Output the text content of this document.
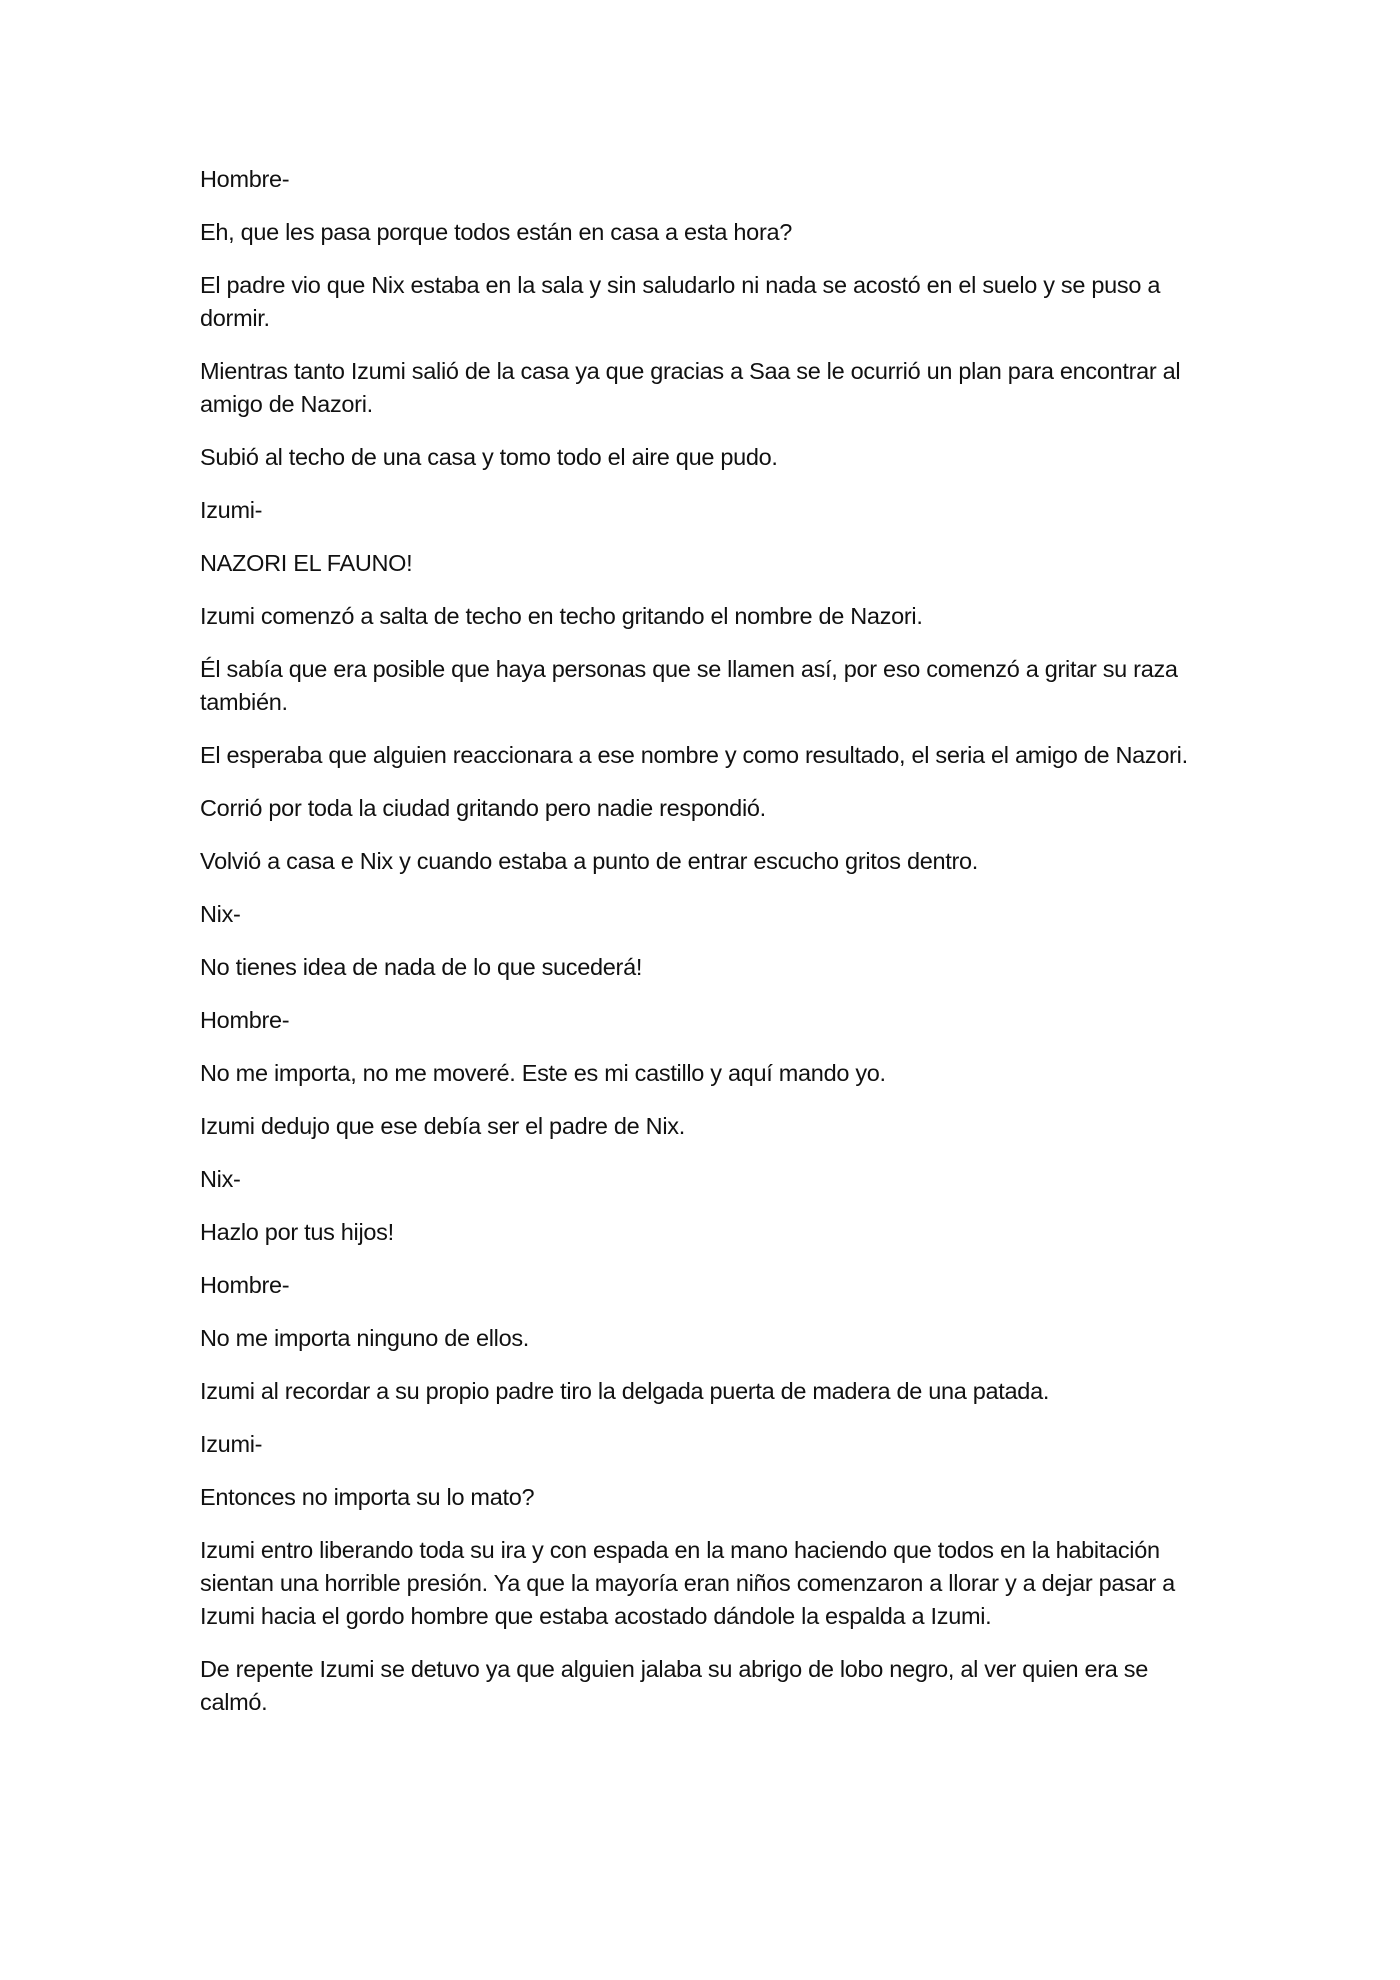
Hombre-

Eh, que les pasa porque todos están en casa a esta hora?

El padre vio que Nix estaba en la sala y sin saludarlo ni nada se acostó en el suelo y se puso a dormir.

Mientras tanto Izumi salió de la casa ya que gracias a Saa se le ocurrió un plan para encontrar al amigo de Nazori.

Subió al techo de una casa y tomo todo el aire que pudo.

Izumi-

NAZORI EL FAUNO!

Izumi comenzó a salta de techo en techo gritando el nombre de Nazori.

Él sabía que era posible que haya personas que se llamen así, por eso comenzó a gritar su raza también.

El esperaba que alguien reaccionara a ese nombre y como resultado, el seria el amigo de Nazori.

Corrió por toda la ciudad gritando pero nadie respondió.

Volvió a casa e Nix y cuando estaba a punto de entrar escucho gritos dentro.

Nix-

No tienes idea de nada de lo que sucederá!

Hombre-

No me importa, no me moveré. Este es mi castillo y aquí mando yo.

Izumi dedujo que ese debía ser el padre de Nix.

Nix-

Hazlo por tus hijos!

Hombre-

No me importa ninguno de ellos.

Izumi al recordar a su propio padre tiro la delgada puerta de madera de una patada.

Izumi-

Entonces no importa su lo mato?

Izumi entro liberando toda su ira y con espada en la mano haciendo que todos en la habitación sientan una horrible presión. Ya que la mayoría eran niños comenzaron a llorar y a dejar pasar a Izumi hacia el gordo hombre que estaba acostado dándole la espalda a Izumi.

De repente Izumi se detuvo ya que alguien jalaba su abrigo de lobo negro, al ver quien era se calmó.
